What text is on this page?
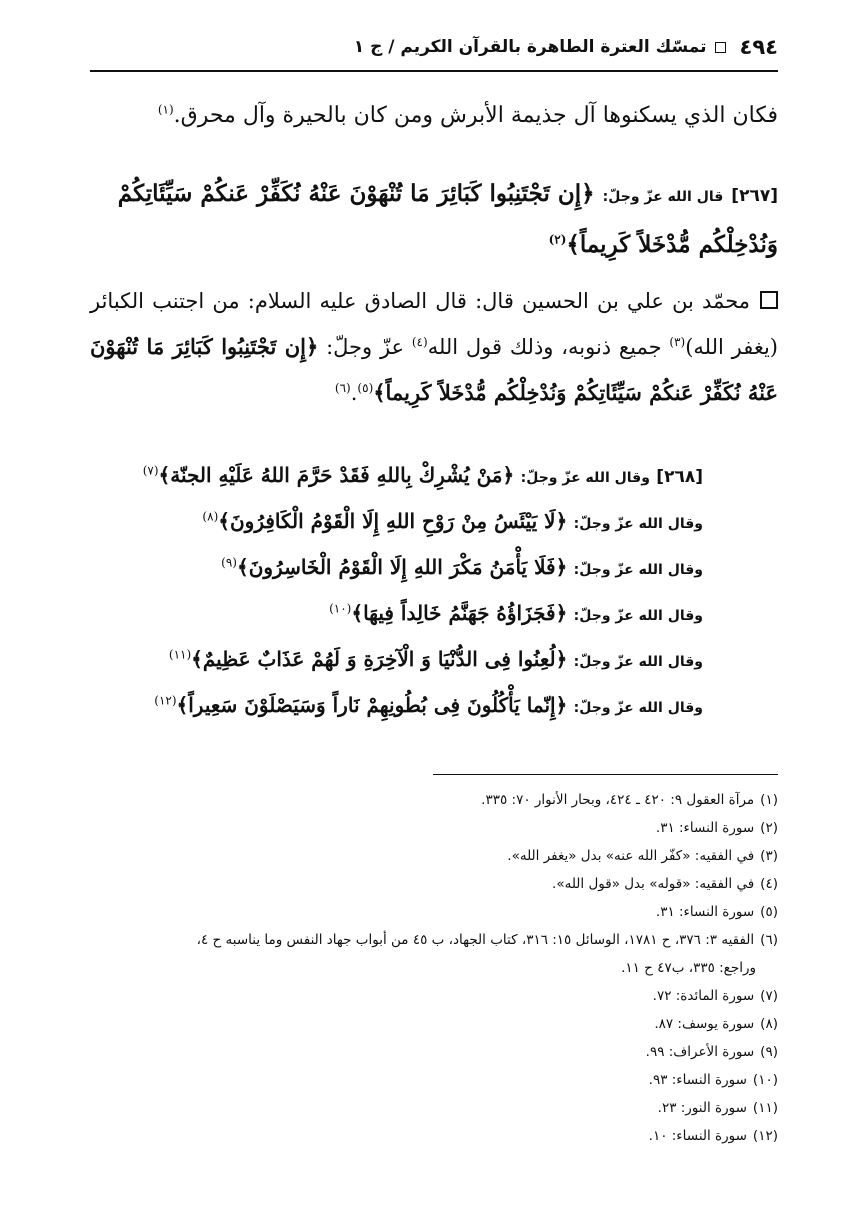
٤٩٤
تمسّك العترة الطاهرة بالقرآن الكريم / ج ١
فكان الذي يسكنوها آل جذيمة الأبرش ومن كان بالحيرة وآل محرق.$^{(١)}$
[٢٦٧] قال الله عزّ وجلّ: ﴿إِن تَجْتَنِبُوا كَبَائِرَ مَا تُنْهَوْنَ عَنْهُ نُكَفِّرْ عَنكُمْ سَيِّئَاتِكُمْ
وَنُدْخِلْكُم مُّدْخَلاً كَرِيماً﴾$^{(٢)}$
محمّد بن علي بن الحسين قال: قال الصادق عليه السلام: من اجتنب الكبائر (يغفر الله)$^{(٣)}$ جميع ذنوبه، وذلك قول الله$^{(٤)}$ عزّ وجلّ: ﴿إِن تَجْتَنِبُوا كَبَائِرَ مَا تُنْهَوْنَ عَنْهُ نُكَفِّرْ عَنكُمْ سَيِّئَاتِكُمْ وَنُدْخِلْكُم مُّدْخَلاً كَرِيماً﴾$^{(٥)}$.$^{(٦)}$
[٢٦٨] وقال الله عزّ وجلّ: ﴿مَنْ يُشْرِكْ بِاللهِ فَقَدْ حَرَّمَ اللهُ عَلَيْهِ الجنّة﴾$^{(٧)}$
وقال الله عزّ وجلّ: ﴿لَا يَيْئَسُ مِنْ رَوْحِ اللهِ إِلَا الْقَوْمُ الْكَافِرُونَ﴾$^{(٨)}$
وقال الله عزّ وجلّ: ﴿فَلَا يَأْمَنُ مَكْرَ اللهِ إِلَا الْقَوْمُ الْخَاسِرُونَ﴾$^{(٩)}$
وقال الله عزّ وجلّ: ﴿فَجَزَاؤُهُ جَهَنَّمُ خَالِداً فِيهَا﴾$^{(١٠)}$
وقال الله عزّ وجلّ: ﴿لُعِنُوا فِى الدُّنْيَا وَ الْآخِرَةِ وَ لَهُمْ عَذَابٌ عَظِيمٌ﴾$^{(١١)}$
وقال الله عزّ وجلّ: ﴿إِنّما يَأْكُلُونَ فِى بُطُونِهِمْ نَاراً وَسَيَصْلَوْنَ سَعِيراً﴾$^{(١٢)}$
(١)مرآة العقول ٩: ٤٢٠ ـ ٤٢٤، وبحار الأنوار ٧٠: ٣٣٥.
(٢)سورة النساء: ٣١.
(٣)في الفقيه: «كفّر الله عنه» بدل «يغفر الله».
(٤)في الفقيه: «قوله» بدل «قول الله».
(٥)سورة النساء: ٣١.
(٦)الفقيه ٣: ٣٧٦، ح ١٧٨١، الوسائل ١٥: ٣١٦، كتاب الجهاد، ب ٤٥ من أبواب جهاد النفس وما يناسبه ح ٤،
وراجع: ٣٣٥، ب٤٧ ح ١١.
(٧)سورة المائدة: ٧٢.
(٨)سورة يوسف: ٨٧.
(٩)سورة الأعراف: ٩٩.
(١٠)سورة النساء: ٩٣.
(١١)سورة النور: ٢٣.
(١٢)سورة النساء: ١٠.
